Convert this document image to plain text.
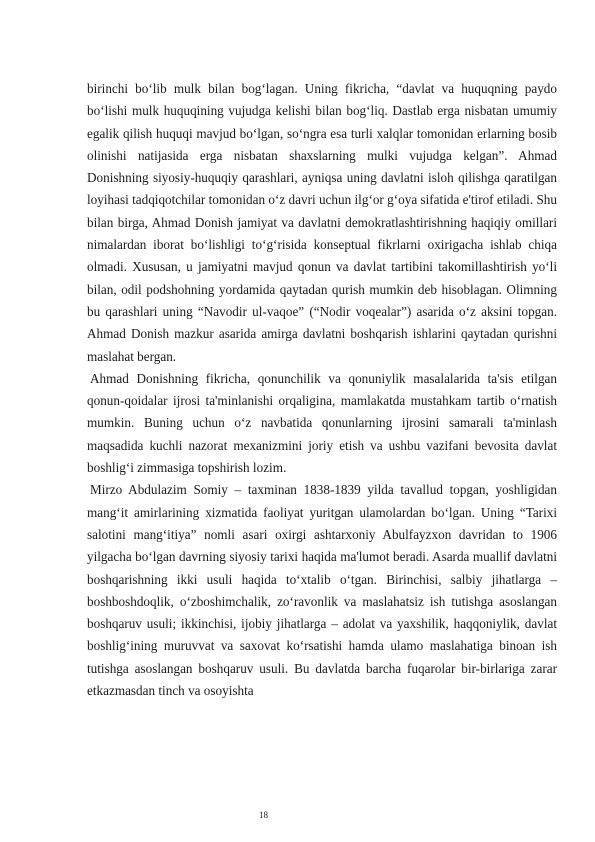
birinchi boʻlib mulk bilan bogʻlagan. Uning fikricha, “davlat va huquqning paydo boʻlishi mulk huquqining vujudga kelishi bilan bogʻliq. Dastlab erga nisbatan umumiy egalik qilish huquqi mavjud boʻlgan, soʻngra esa turli xalqlar tomonidan erlarning bosib olinishi natijasida erga nisbatan shaxslarning mulki vujudga kelgan”. Ahmad Donishning siyosiy-huquqiy qarashlari, ayniqsa uning davlatni isloh qilishga qaratilgan loyihasi tadqiqotchilar tomonidan oʻz davri uchun ilgʻor gʻoya sifatida e'tirof etiladi. Shu bilan birga, Ahmad Donish jamiyat va davlatni demokratlashtirishning haqiqiy omillari nimalardan iborat boʻlishligi toʻgʻrisida konseptual fikrlarni oxirigacha ishlab chiqa olmadi. Xususan, u jamiyatni mavjud qonun va davlat tartibini takomillashtirish yoʻli bilan, odil podshohning yordamida qaytadan qurish mumkin deb hisoblagan. Olimning bu qarashlari uning “Navodir ul-vaqoe” (“Nodir voqealar”) asarida oʻz aksini topgan. Ahmad Donish mazkur asarida amirga davlatni boshqarish ishlarini qaytadan qurishni maslahat bergan.

Ahmad Donishning fikricha, qonunchilik va qonuniylik masalalarida ta'sis etilgan qonun-qoidalar ijrosi ta'minlanishi orqaligina, mamlakatda mustahkam tartib oʻrnatish mumkin. Buning uchun oʻz navbatida qonunlarning ijrosini samarali ta'minlash maqsadida kuchli nazorat mexanizmini joriy etish va ushbu vazifani bevosita davlat boshligʻi zimmasiga topshirish lozim.

Mirzo Abdulazim Somiy – taxminan 1838-1839 yilda tavallud topgan, yoshligidan mangʻit amirlarining xizmatida faoliyat yuritgan ulamolardan boʻlgan. Uning “Tarixi salotini mangʻitiya” nomli asari oxirgi ashtarxoniy Abulfayzxon davridan to 1906 yilgacha boʻlgan davrning siyosiy tarixi haqida ma'lumot beradi. Asarda muallif davlatni boshqarishning ikki usuli haqida toʻxtalib oʻtgan. Birinchisi, salbiy jihatlarga – boshboshdoqlik, oʻzboshimchalik, zoʻravonlik va maslahatsiz ish tutishga asoslangan boshqaruv usuli; ikkinchisi, ijobiy jihatlarga – adolat va yaxshilik, haqqoniylik, davlat boshligʻining muruvvat va saxovat koʻrsatishi hamda ulamo maslahatiga binoan ish tutishga asoslangan boshqaruv usuli. Bu davlatda barcha fuqarolar bir-birlariga zarar etkazmasdan tinch va osoyishta

18
